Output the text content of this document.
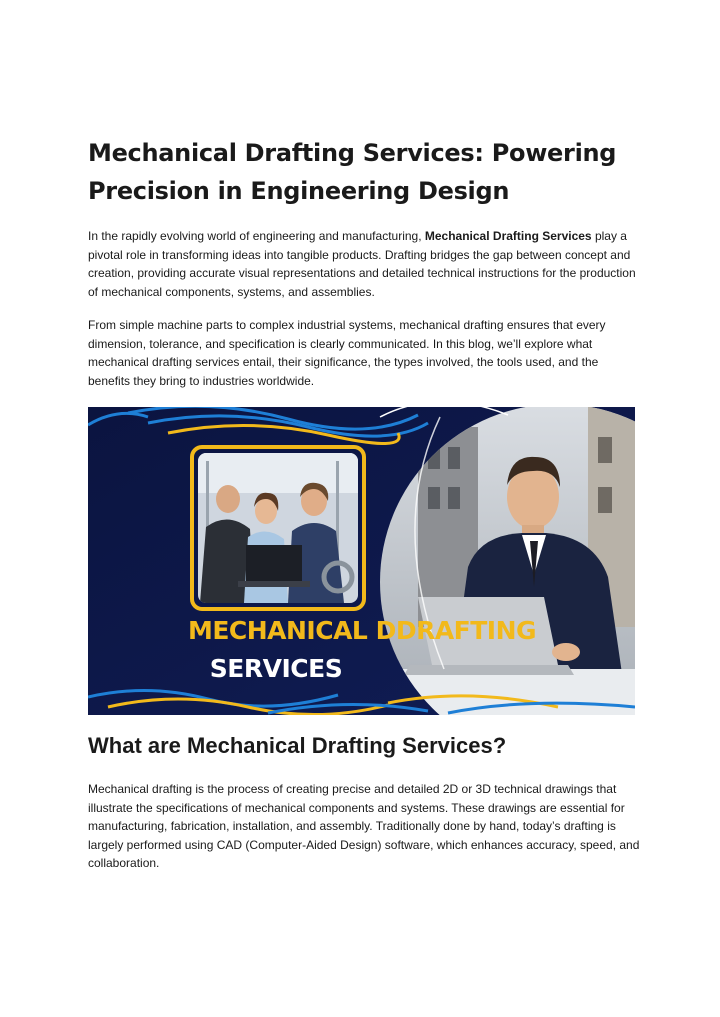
Mechanical Drafting Services: Powering Precision in Engineering Design

In the rapidly evolving world of engineering and manufacturing, Mechanical Drafting Services play a pivotal role in transforming ideas into tangible products. Drafting bridges the gap between concept and creation, providing accurate visual representations and detailed technical instructions for the production of mechanical components, systems, and assemblies.

From simple machine parts to complex industrial systems, mechanical drafting ensures that every dimension, tolerance, and specification is clearly communicated. In this blog, we’ll explore what mechanical drafting services entail, their significance, the types involved, the tools used, and the benefits they bring to industries worldwide.

MECHANICAL DDRAFTING
SERVICES
What are Mechanical Drafting Services?

Mechanical drafting is the process of creating precise and detailed 2D or 3D technical drawings that illustrate the specifications of mechanical components and systems. These drawings are essential for manufacturing, fabrication, installation, and assembly. Traditionally done by hand, today’s drafting is largely performed using CAD (Computer-Aided Design) software, which enhances accuracy, speed, and collaboration.
